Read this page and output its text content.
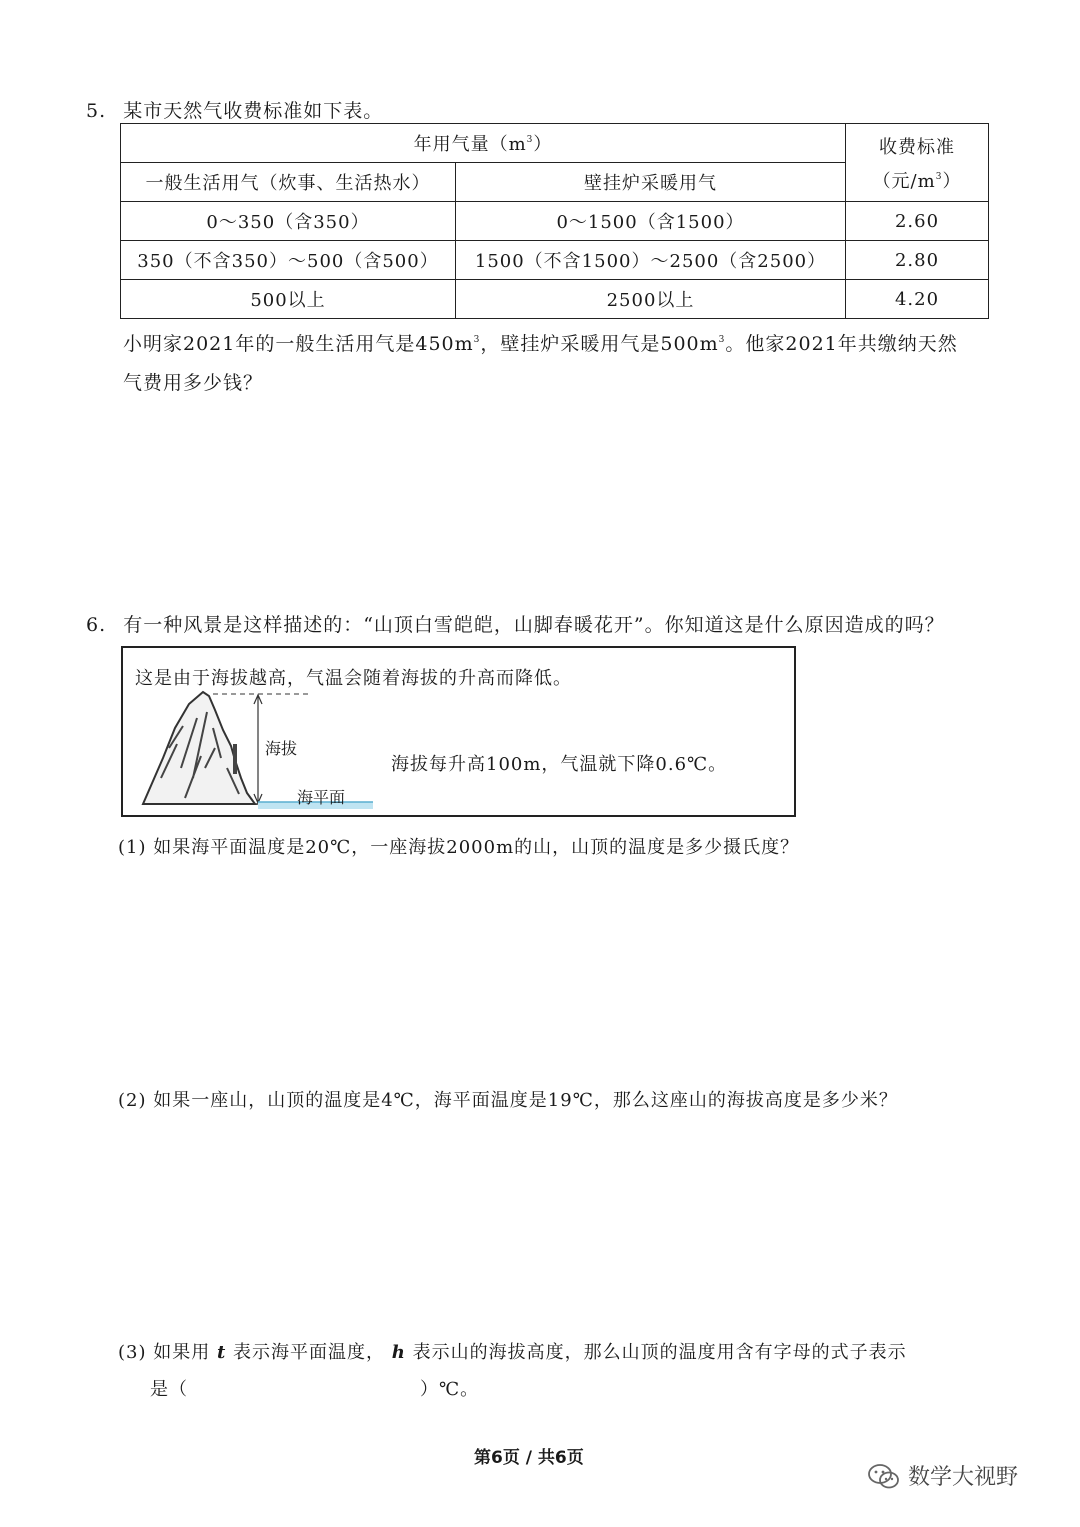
5. 某市天然气收费标准如下表。
年用气量$(m^3)$		收费标准
（元$/m^3$）

一般生活用气（炊事、生活热水）	壁挂炉采暖用气	
0～350（含350）	0～1500（含1500）	2.60
350（不含350）～500（含500）	1500（不含1500）～2500（含2500）	2.80
500以上	2500以上	4.20
小明家2021年的一般生活用气是$450m^3$，壁挂炉采暖用气是$500m^3$。他家2021年共缴纳天然
气费用多少钱？
6. 有一种风景是这样描述的：“山顶白雪皑皑，山脚春暖花开”。你知道这是什么原因造成的吗？
这是由于海拔越高，气温会随着海拔的升高而降低。
海拔
海平面
海拔每升高100m，气温就下降0.6℃。
(1) 如果海平面温度是20℃，一座海拔2000m的山，山顶的温度是多少摄氏度？
(2) 如果一座山，山顶的温度是4℃，海平面温度是19℃，那么这座山的海拔高度是多少米？
(3) 如果用 t 表示海平面温度， h 表示山的海拔高度，那么山顶的温度用含有字母的式子表示
是（	）℃。
第6页 / 共6页
数学大视野
